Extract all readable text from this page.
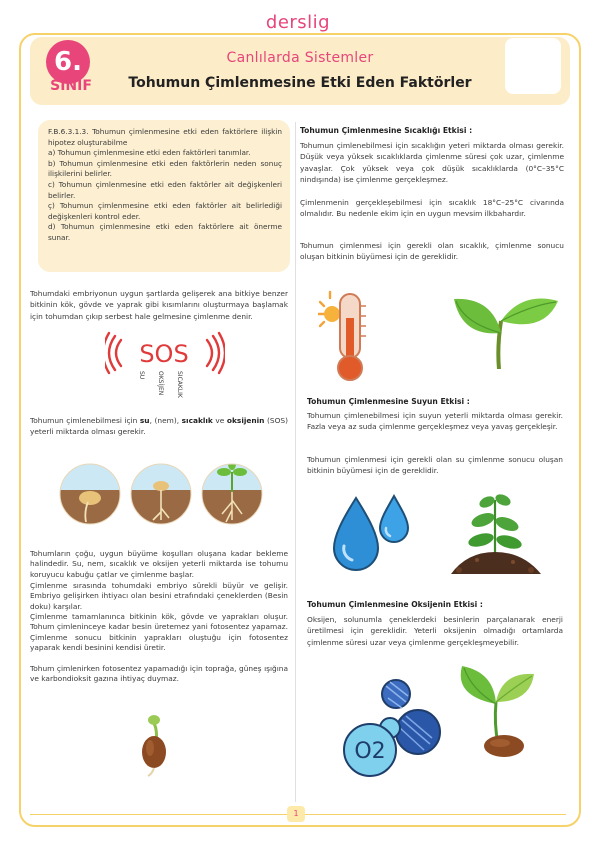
derslig
6.
SINIF
Canlılarda Sistemler
Tohumun Çimlenmesine Etki Eden Faktörler

F.B.6.3.1.3. Tohumun çimlenmesine etki eden faktörlere ilişkin hipotez oluşturabilme

a) Tohumun çimlenmesine etki eden faktörleri tanımlar.

b) Tohumun çimlenmesine etki eden faktörlerin neden sonuç ilişkilerini belirler.

c) Tohumun çimlenmesine etki eden faktörler ait değişkenleri belirler.

ç) Tohumun çimlenmesine etki eden faktörler ait belirlediği değişkenleri kontrol eder.

d) Tohumun çimlenmesine etki eden faktörlere ait önerme sunar.

Tohumdaki embriyonun uygun şartlarda gelişerek ana bitkiye benzer bitkinin kök, gövde ve yaprak gibi kısımlarını oluşturmaya başlamak için tohumdan çıkıp serbest hale gelmesine çimlenme denir.
SOS
SU OKSİJEN SICAKLIK
Tohumun çimlenebilmesi için su, (nem), sıcaklık ve oksijenin (SOS) yeterli miktarda olması gerekir.
Tohumların çoğu, uygun büyüme koşulları oluşana kadar bekleme halindedir. Su, nem, sıcaklık ve oksijen yeterli miktarda ise tohumu koruyucu kabuğu çatlar ve çimlenme başlar.
Çimlenme sırasında tohumdaki embriyo sürekli büyür ve gelişir. Embriyo gelişirken ihtiyacı olan besini etrafındaki çeneklerden (Besin doku) karşılar.
Çimlenme tamamlanınca bitkinin kök, gövde ve yaprakları oluşur. Tohum çimleninceye kadar besin üretemez yani fotosentez yapamaz. Çimlenme sonucu bitkinin yaprakları oluştuğu için fotosentez yaparak kendi besinini kendisi üretir.
Tohum çimlenirken fotosentez yapamadığı için toprağa, güneş ışığına ve karbondioksit gazına ihtiyaç duymaz.
Tohumun Çimlenmesine Sıcaklığı Etkisi :
Tohumun çimlenebilmesi için sıcaklığın yeteri miktarda olması gerekir. Düşük veya yüksek sıcaklıklarda çimlenme süresi çok uzar, çimlenme yavaşlar. Çok yüksek veya çok düşük sıcaklıklarda (0°C–35°C nindışında) ise çimlenme gerçekleşmez.
Çimlenmenin gerçekleşebilmesi için sıcaklık 18°C–25°C civarında olmalıdır. Bu nedenle ekim için en uygun mevsim ilkbahardır.
Tohumun çimlenmesi için gerekli olan sıcaklık, çimlenme sonucu oluşan bitkinin büyümesi için de gereklidir.
Tohumun Çimlenmesine Suyun Etkisi :
Tohumun çimlenebilmesi için suyun yeterli miktarda olması gerekir. Fazla veya az suda çimlenme gerçekleşmez veya yavaş gerçekleşir.
Tohumun çimlenmesi için gerekli olan su çimlenme sonucu oluşan bitkinin büyümesi için de gereklidir.
Tohumun Çimlenmesine Oksijenin Etkisi :
Oksijen, solunumla çeneklerdeki besinlerin parçalanarak enerji üretilmesi için gereklidir. Yeterli oksijenin olmadığı ortamlarda çimlenme süresi uzar veya çimlenme gerçekleşmeyebilir.
O2
1
